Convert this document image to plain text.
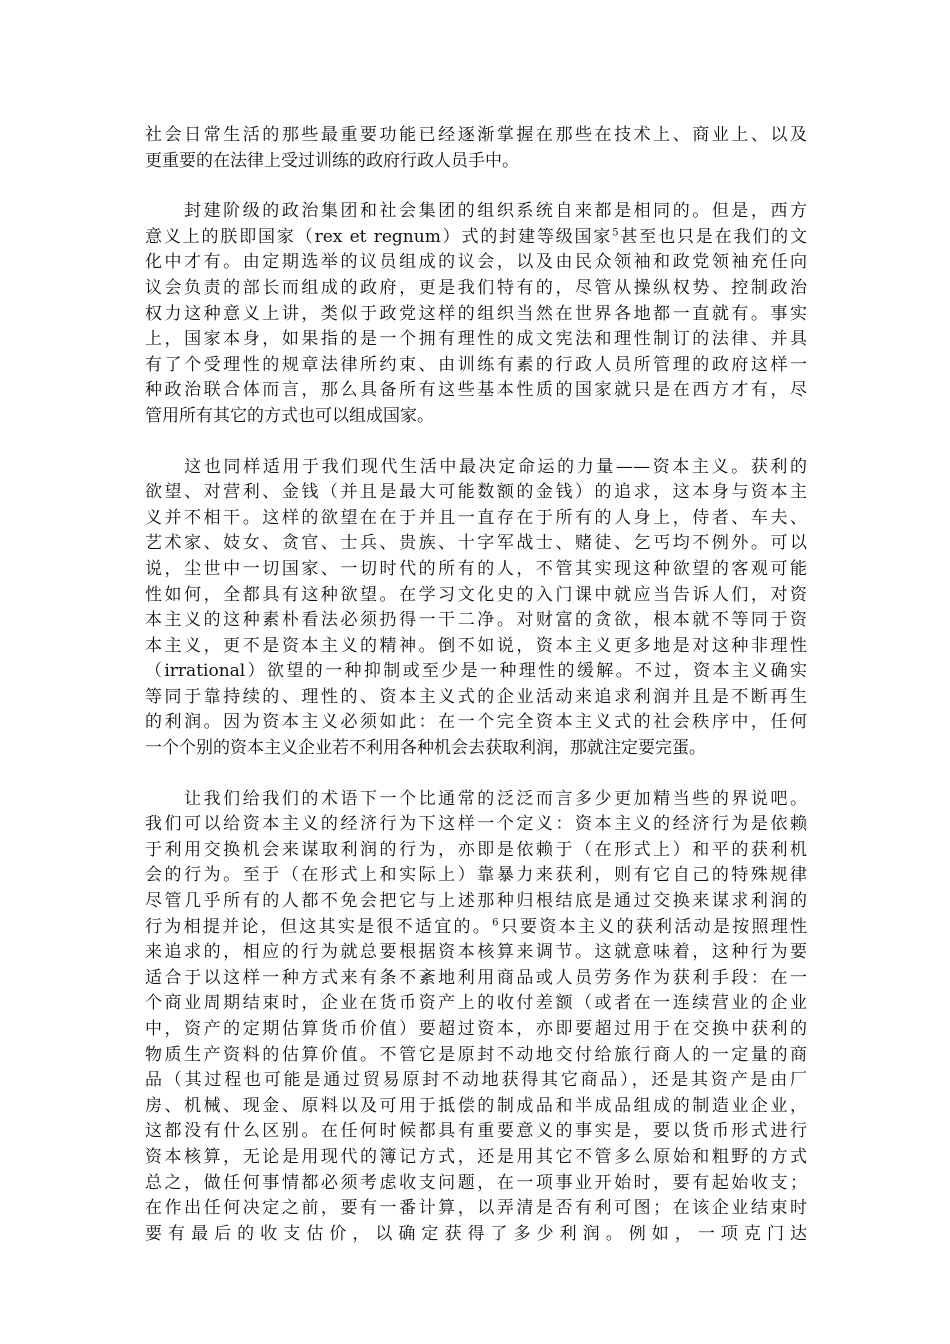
社会日常生活的那些最重要功能已经逐渐掌握在那些在技术上、商业上、以及
更重要的在法律上受过训练的政府行政人员手中。
　　封建阶级的政治集团和社会集团的组织系统自来都是相同的。但是，西方
意义上的朕即国家（rex et regnum）式的封建等级国家$^5$甚至也只是在我们的文
化中才有。由定期选举的议员组成的议会，以及由民众领袖和政党领袖充任向
议会负责的部长而组成的政府，更是我们特有的，尽管从操纵权势、控制政治
权力这种意义上讲，类似于政党这样的组织当然在世界各地都一直就有。事实
上，国家本身，如果指的是一个拥有理性的成文宪法和理性制订的法律、并具
有了个受理性的规章法律所约束、由训练有素的行政人员所管理的政府这样一
种政治联合体而言，那么具备所有这些基本性质的国家就只是在西方才有，尽
管用所有其它的方式也可以组成国家。
　　这也同样适用于我们现代生活中最决定命运的力量——资本主义。获利的
欲望、对营利、金钱（并且是最大可能数额的金钱）的追求，这本身与资本主
义并不相干。这样的欲望在在于并且一直存在于所有的人身上，侍者、车夫、
艺术家、妓女、贪官、士兵、贵族、十字军战士、赌徒、乞丐均不例外。可以
说，尘世中一切国家、一切时代的所有的人，不管其实现这种欲望的客观可能
性如何，全都具有这种欲望。在学习文化史的入门课中就应当告诉人们，对资
本主义的这种素朴看法必须扔得一干二净。对财富的贪欲，根本就不等同于资
本主义，更不是资本主义的精神。倒不如说，资本主义更多地是对这种非理性
（irrational）欲望的一种抑制或至少是一种理性的缓解。不过，资本主义确实
等同于靠持续的、理性的、资本主义式的企业活动来追求利润并且是不断再生
的利润。因为资本主义必须如此：在一个完全资本主义式的社会秩序中，任何
一个个别的资本主义企业若不利用各种机会去获取利润，那就注定要完蛋。
　　让我们给我们的术语下一个比通常的泛泛而言多少更加精当些的界说吧。
我们可以给资本主义的经济行为下这样一个定义：资本主义的经济行为是依赖
于利用交换机会来谋取利润的行为，亦即是依赖于（在形式上）和平的获利机
会的行为。至于（在形式上和实际上）靠暴力来获利，则有它自己的特殊规律
尽管几乎所有的人都不免会把它与上述那种归根结底是通过交换来谋求利润的
行为相提并论，但这其实是很不适宜的。$^6$只要资本主义的获利活动是按照理性
来追求的，相应的行为就总要根据资本核算来调节。这就意味着，这种行为要
适合于以这样一种方式来有条不紊地利用商品或人员劳务作为获利手段：在一
个商业周期结束时，企业在货币资产上的收付差额（或者在一连续营业的企业
中，资产的定期估算货币价值）要超过资本，亦即要超过用于在交换中获利的
物质生产资料的估算价值。不管它是原封不动地交付给旅行商人的一定量的商
品（其过程也可能是通过贸易原封不动地获得其它商品），还是其资产是由厂
房、机械、现金、原料以及可用于抵偿的制成品和半成品组成的制造业企业，
这都没有什么区别。在任何时候都具有重要意义的事实是，要以货币形式进行
资本核算，无论是用现代的簿记方式，还是用其它不管多么原始和粗野的方式
总之，做任何事情都必须考虑收支问题，在一项事业开始时，要有起始收支；
在作出任何决定之前，要有一番计算，以弄清是否有利可图；在该企业结束时
要有最后的收支估价，以确定获得了多少利润。例如，一项克门达
